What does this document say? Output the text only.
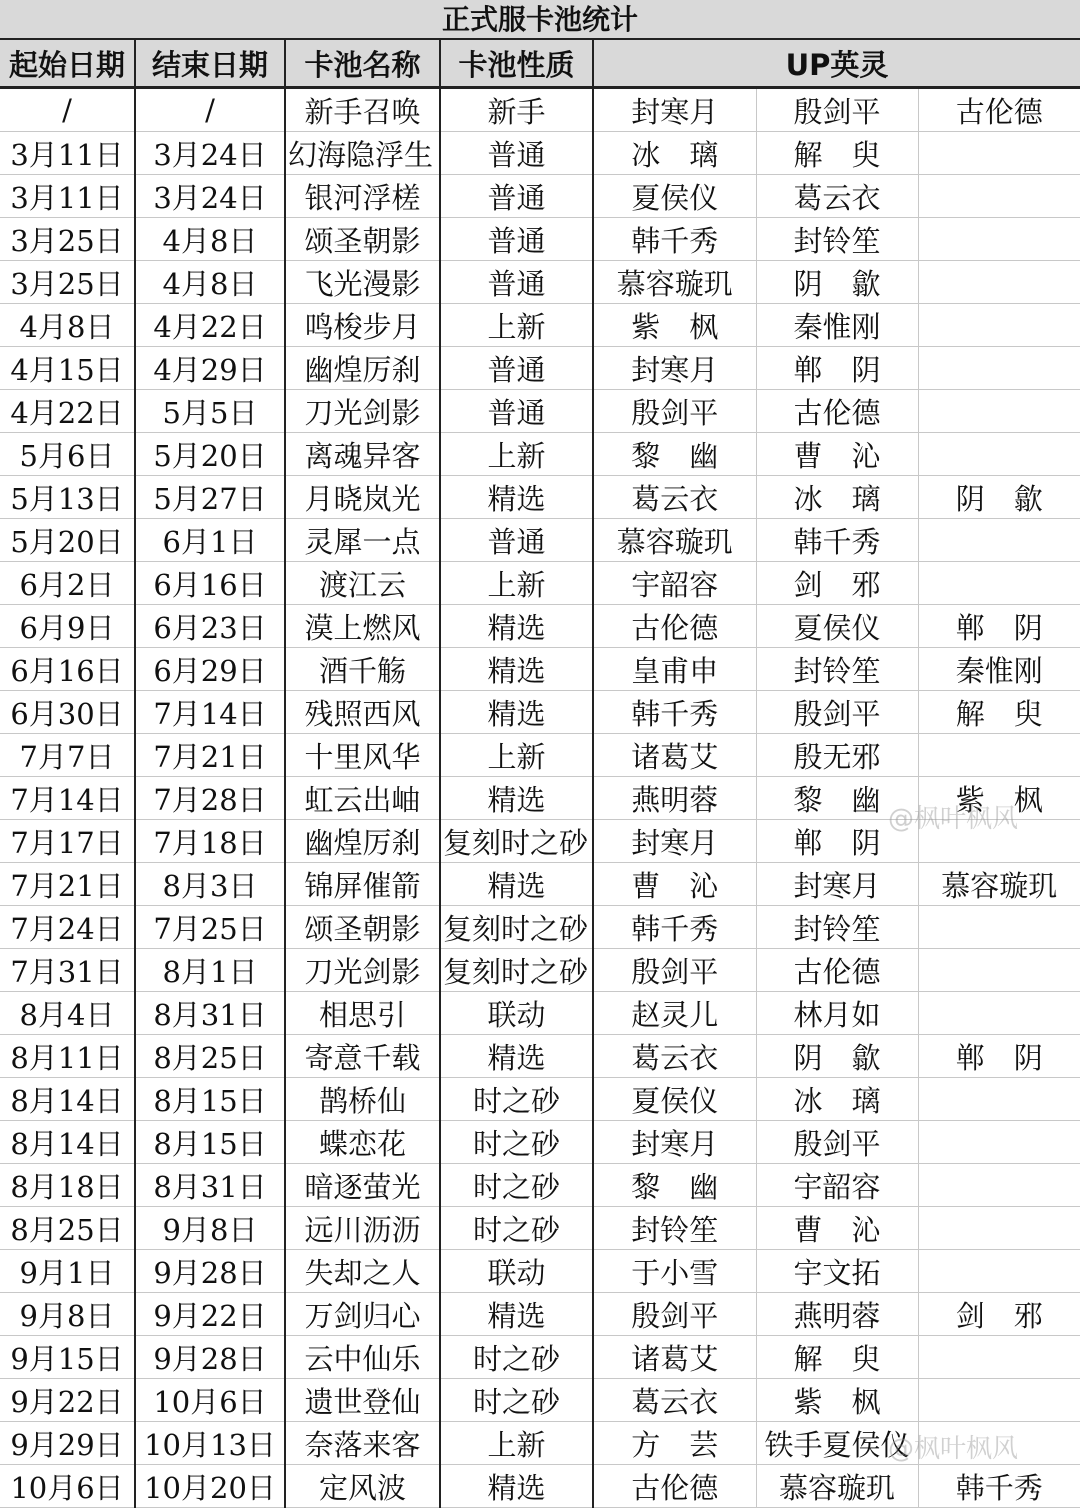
正式服卡池统计
起始日期	结束日期	卡池名称	卡池性质	UP英灵		
/	/	新手召唤	新手	封寒月	殷剑平	古伦德
3月11日	3月24日	幻海隐浮生	普通	冰　璃	解　臾	
3月11日	3月24日	银河浮槎	普通	夏侯仪	葛云衣	
3月25日	4月8日	颂圣朝影	普通	韩千秀	封铃笙	
3月25日	4月8日	飞光漫影	普通	慕容璇玑	阴　歙	
4月8日	4月22日	鸣梭步月	上新	紫　枫	秦惟刚	
4月15日	4月29日	幽煌厉刹	普通	封寒月	郸　阴	
4月22日	5月5日	刀光剑影	普通	殷剑平	古伦德	
5月6日	5月20日	离魂异客	上新	黎　幽	曹　沁	
5月13日	5月27日	月晓岚光	精选	葛云衣	冰　璃	阴　歙
5月20日	6月1日	灵犀一点	普通	慕容璇玑	韩千秀	
6月2日	6月16日	渡江云	上新	宇韶容	剑　邪	
6月9日	6月23日	漠上燃风	精选	古伦德	夏侯仪	郸　阴
6月16日	6月29日	酒千觞	精选	皇甫申	封铃笙	秦惟刚
6月30日	7月14日	残照西风	精选	韩千秀	殷剑平	解　臾
7月7日	7月21日	十里风华	上新	诸葛艾	殷无邪	
7月14日	7月28日	虹云出岫	精选	燕明蓉	黎　幽	紫　枫
7月17日	7月18日	幽煌厉刹	复刻时之砂	封寒月	郸　阴	
7月21日	8月3日	锦屏催箭	精选	曹　沁	封寒月	慕容璇玑
7月24日	7月25日	颂圣朝影	复刻时之砂	韩千秀	封铃笙	
7月31日	8月1日	刀光剑影	复刻时之砂	殷剑平	古伦德	
8月4日	8月31日	相思引	联动	赵灵儿	林月如	
8月11日	8月25日	寄意千载	精选	葛云衣	阴　歙	郸　阴
8月14日	8月15日	鹊桥仙	时之砂	夏侯仪	冰　璃	
8月14日	8月15日	蝶恋花	时之砂	封寒月	殷剑平	
8月18日	8月31日	暗逐萤光	时之砂	黎　幽	宇韶容	
8月25日	9月8日	远川沥沥	时之砂	封铃笙	曹　沁	
9月1日	9月28日	失却之人	联动	于小雪	宇文拓	
9月8日	9月22日	万剑归心	精选	殷剑平	燕明蓉	剑　邪
9月15日	9月28日	云中仙乐	时之砂	诸葛艾	解　臾	
9月22日	10月6日	遗世登仙	时之砂	葛云衣	紫　枫	
9月29日	10月13日	奈落来客	上新	方　芸	铁手夏侯仪	
10月6日	10月20日	定风波	精选	古伦德	慕容璇玑	韩千秀
@枫叶枫风
@枫叶枫风
